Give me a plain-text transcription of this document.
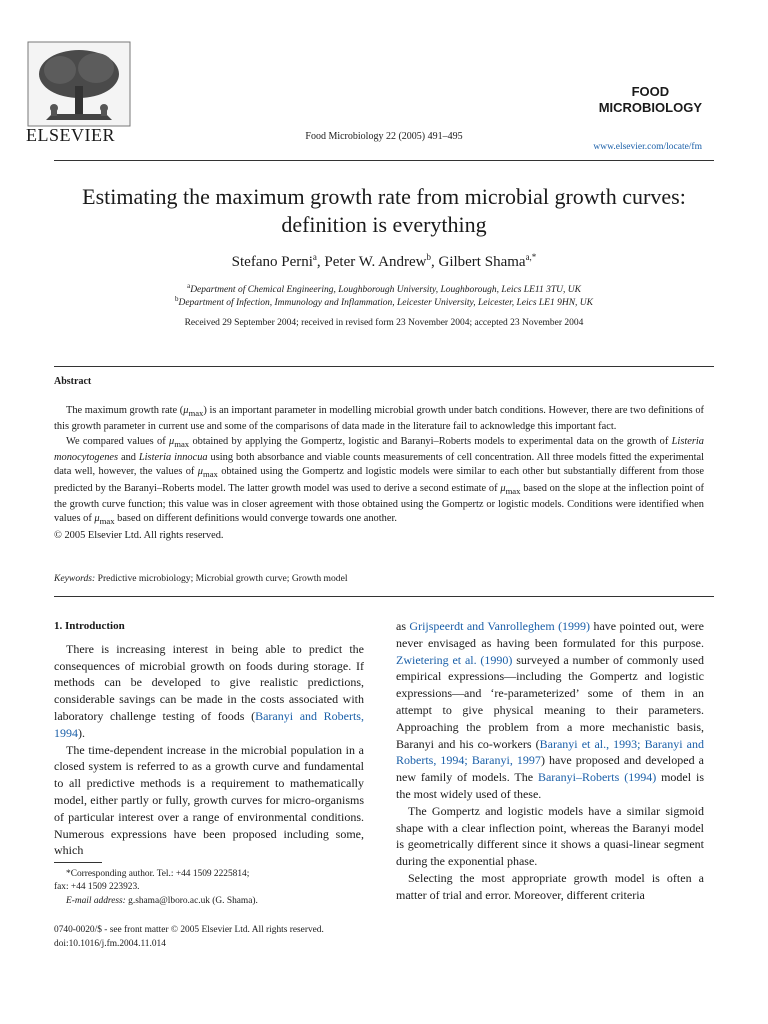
ELSEVIER	Food Microbiology 22 (2005) 491–495
FOOD
MICROBIOLOGY
www.elsevier.com/locate/fm
Estimating the maximum growth rate from microbial growth curves:
definition is everything
Stefano Perni$^a$, Peter W. Andrew$^b$, Gilbert Shama$^{a,*}$
$^a$Department of Chemical Engineering, Loughborough University, Loughborough, Leics LE11 3TU, UK
$^b$Department of Infection, Immunology and Inflammation, Leicester University, Leicester, Leics LE1 9HN, UK
Received 29 September 2004; received in revised form 23 November 2004; accepted 23 November 2004
Abstract

The maximum growth rate $(\mu_{max})$ is an important parameter in modelling microbial growth under batch conditions. However, there are two definitions of this growth parameter in current use and some of the comparisons of data made in the literature fail to acknowledge this important fact.

We compared values of $\mu_{max}$ obtained by applying the Gompertz, logistic and Baranyi–Roberts models to experimental data on the growth of Listeria monocytogenes and Listeria innocua using both absorbance and viable counts measurements of cell concentration. All three models fitted the experimental data well, however, the values of $\mu_{max}$ obtained using the Gompertz and logistic models were similar to each other but substantially different from those predicted by the Baranyi–Roberts model. The latter growth model was used to derive a second estimate of $\mu_{max}$ based on the slope at the inflection point of the growth curve function; this value was in closer agreement with those obtained using the Gompertz or logistic models. Conditions were identified when values of $\mu_{max}$ based on different definitions would converge towards one another.

© 2005 Elsevier Ltd. All rights reserved.

Keywords: Predictive microbiology; Microbial growth curve; Growth model
1. Introduction

There is increasing interest in being able to predict the consequences of microbial growth on foods during storage. If methods can be developed to give realistic predictions, considerable savings can be made in the costs associated with laboratory challenge testing of foods (Baranyi and Roberts, 1994).

The time-dependent increase in the microbial population in a closed system is referred to as a growth curve and fundamental to all predictive methods is a requirement to mathematically model, either partly or fully, growth curves for micro-organisms of particular interest over a range of environmental conditions. Numerous expressions have been proposed including some, which

as Grijspeerdt and Vanrolleghem (1999) have pointed out, were never envisaged as having been formulated for this purpose. Zwietering et al. (1990) surveyed a number of commonly used empirical expressions—including the Gompertz and logistic expressions—and ‘re-parameterized’ some of them in an attempt to give physical meaning to their parameters. Approaching the problem from a more mechanistic basis, Baranyi and his co-workers (Baranyi et al., 1993; Baranyi and Roberts, 1994; Baranyi, 1997) have proposed and developed a new family of models. The Baranyi–Roberts (1994) model is the most widely used of these.

The Gompertz and logistic models have a similar sigmoid shape with a clear inflection point, whereas the Baranyi model is geometrically different since it shows a quasi-linear segment during the exponential phase.

Selecting the most appropriate growth model is often a matter of trial and error. Moreover, different criteria

*Corresponding author. Tel.: +44 1509 2225814;
fax: +44 1509 223923.
E-mail address: g.shama@lboro.ac.uk (G. Shama).
0740-0020/$ - see front matter © 2005 Elsevier Ltd. All rights reserved.
doi:10.1016/j.fm.2004.11.014
